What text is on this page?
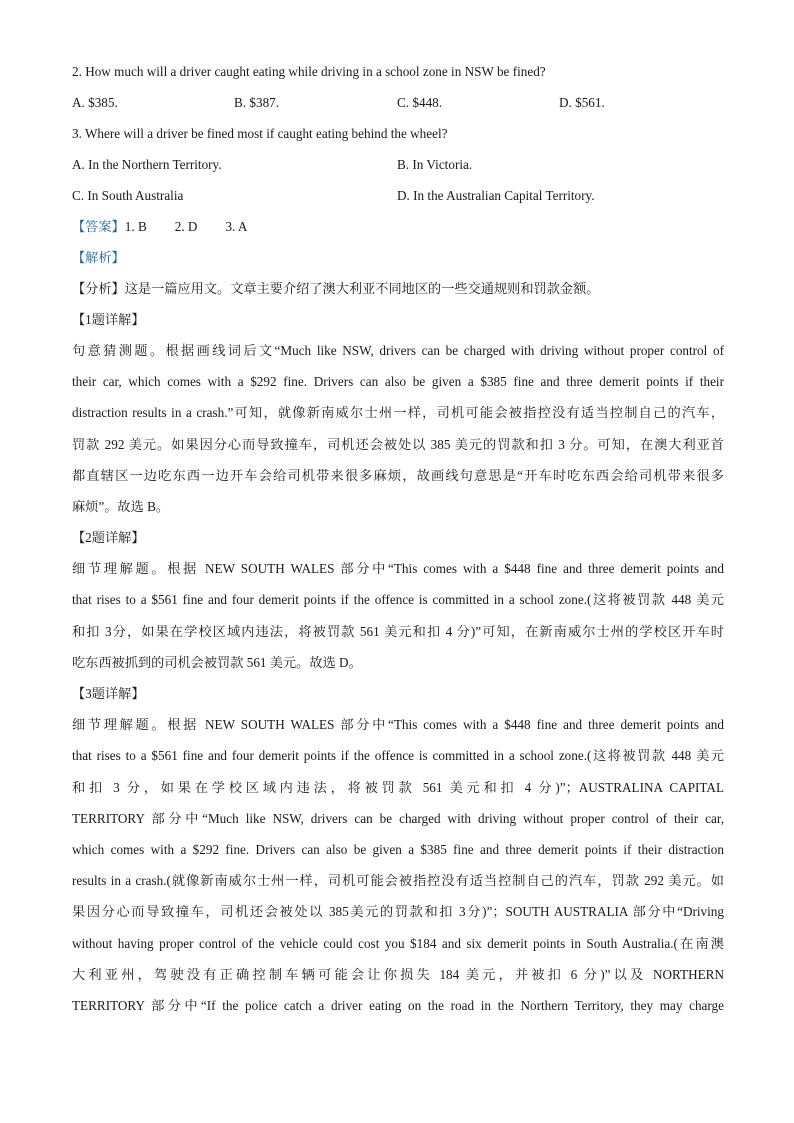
2. How much will a driver caught eating while driving in a school zone in NSW be fined?
A. $385.	B. $387.	C. $448.	D. $561.
3. Where will a driver be fined most if caught eating behind the wheel?
A. In the Northern Territory.	B. In Victoria.
C. In South Australia	D. In the Australian Capital Territory.
【答案】1. B 2. D 3. A
【解析】
【分析】这是一篇应用文。文章主要介绍了澳大利亚不同地区的一些交通规则和罚款金额。
【1题详解】
句意猜测题。根据画线词后文“Much like NSW, drivers can be charged with driving without proper control of
their car, which comes with a $292 fine. Drivers can also be given a $385 fine and three demerit points if their
distraction results in a crash.”可知，就像新南威尔士州一样，司机可能会被指控没有适当控制自己的汽车，
罚款 292 美元。如果因分心而导致撞车，司机还会被处以 385 美元的罚款和扣 3 分。可知，在澳大利亚首
都直辖区一边吃东西一边开车会给司机带来很多麻烦，故画线句意思是“开车时吃东西会给司机带来很多
麻烦”。故选 B。
【2题详解】
细节理解题。根据 NEW SOUTH WALES 部分中“This comes with a $448 fine and three demerit points and
that rises to a $561 fine and four demerit points if the offence is committed in a school zone.(这将被罚款 448 美元
和扣 3分，如果在学校区域内违法，将被罚款 561 美元和扣 4 分)”可知，在新南威尔士州的学校区开车时
吃东西被抓到的司机会被罚款 561 美元。故选 D。
【3题详解】
细节理解题。根据 NEW SOUTH WALES 部分中“This comes with a $448 fine and three demerit points and
that rises to a $561 fine and four demerit points if the offence is committed in a school zone.(这将被罚款 448 美元
和扣 3 分，如果在学校区域内违法，将被罚款 561 美元和扣 4 分)”；AUSTRALINA CAPITAL
TERRITORY 部分中“Much like NSW, drivers can be charged with driving without proper control of their car,
which comes with a $292 fine. Drivers can also be given a $385 fine and three demerit points if their distraction
results in a crash.(就像新南威尔士州一样，司机可能会被指控没有适当控制自己的汽车，罚款 292 美元。如
果因分心而导致撞车，司机还会被处以 385美元的罚款和扣 3分)”；SOUTH AUSTRALIA 部分中“Driving
without having proper control of the vehicle could cost you $184 and six demerit points in South Australia.(在南澳
大利亚州，驾驶没有正确控制车辆可能会让你损失 184 美元，并被扣 6 分)”以及 NORTHERN
TERRITORY 部分中“If the police catch a driver eating on the road in the Northern Territory, they may charge
